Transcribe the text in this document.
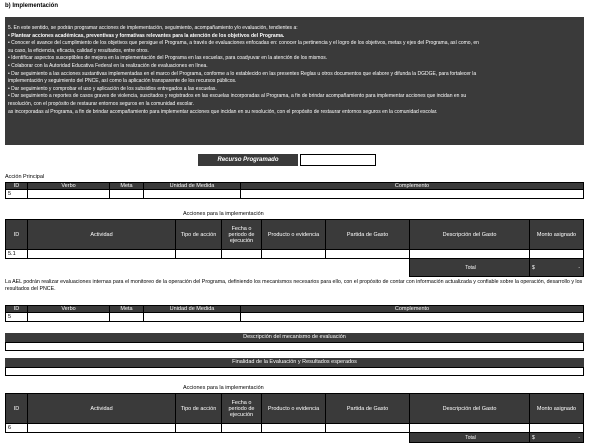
b) Implementación
5. En este sentido, se podrán programar acciones de implementación, seguimiento, acompañamiento y/o evaluación, tendientes a:
• Plantear acciones académicas, preventivas y formativas relevantes para la atención de los objetivos del Programa.
• Conocer el avance del cumplimiento de los objetivos que persigue el Programa, a través de evaluaciones enfocadas en: conocer la pertinencia y el logro de los objetivos, metas y ejes del Programa, así como, en
su caso, la eficiencia, eficacia, calidad y resultados, entre otros.
• Identificar aspectos susceptibles de mejora en la implementación del Programa en las escuelas, para coadyuvar en la atención de los mismos.
• Colaborar con la Autoridad Educativa Federal en la realización de evaluaciones en línea.
• Dar seguimiento a las acciones sustantivas implementadas en el marco del Programa, conforme a lo establecido en las presentes Reglas u otros documentos que elabore y difunda la DGDGE, para fortalecer la
implementación y seguimiento del PNCE, así como la aplicación transparente de los recursos públicos.
• Dar seguimiento y comprobar el uso y aplicación de los subsidios entregados a las escuelas.
• Dar seguimiento a reportes de casos graves de violencia, suscitados y registrados en las escuelas incorporadas al Programa, a fin de brindar acompañamiento para implementar acciones que incidan en su
resolución, con el propósito de restaurar entornos seguros en la comunidad escolar.
as incorporadas al Programa, a fin de brindar acompañamiento para implementar acciones que incidan en su resolución, con el propósito de restaurar entornos seguros en la comunidad escolar.
Recurso Programado
Acción Principal
ID	Verbo	Meta	Unidad de Medida	Complemento
5				
Acciones para la implementación
ID	Actividad	Tipo de acción	Fecha o periodo de ejecución	Producto o evidencia	Partida de Gasto	Descripción del Gasto	Monto asignado
5.1							
						Total	$ -
La AEL podrán realizar evaluaciones internas para el monitoreo de la operación del Programa, definiendo los mecanismos necesarios para ello, con el propósito de contar con información actualizada y confiable sobre la operación, desarrollo y los resultados del PNCE.
ID	Verbo	Meta	Unidad de Medida	Complemento
5				
Descripción del mecanismo de evaluación
Finalidad de la Evaluación y Resultados esperados
Acciones para la implementación
ID	Actividad	Tipo de acción	Fecha o periodo de ejecución	Producto o evidencia	Partida de Gasto	Descripción del Gasto	Monto asignado
6							
						Total	$ -
